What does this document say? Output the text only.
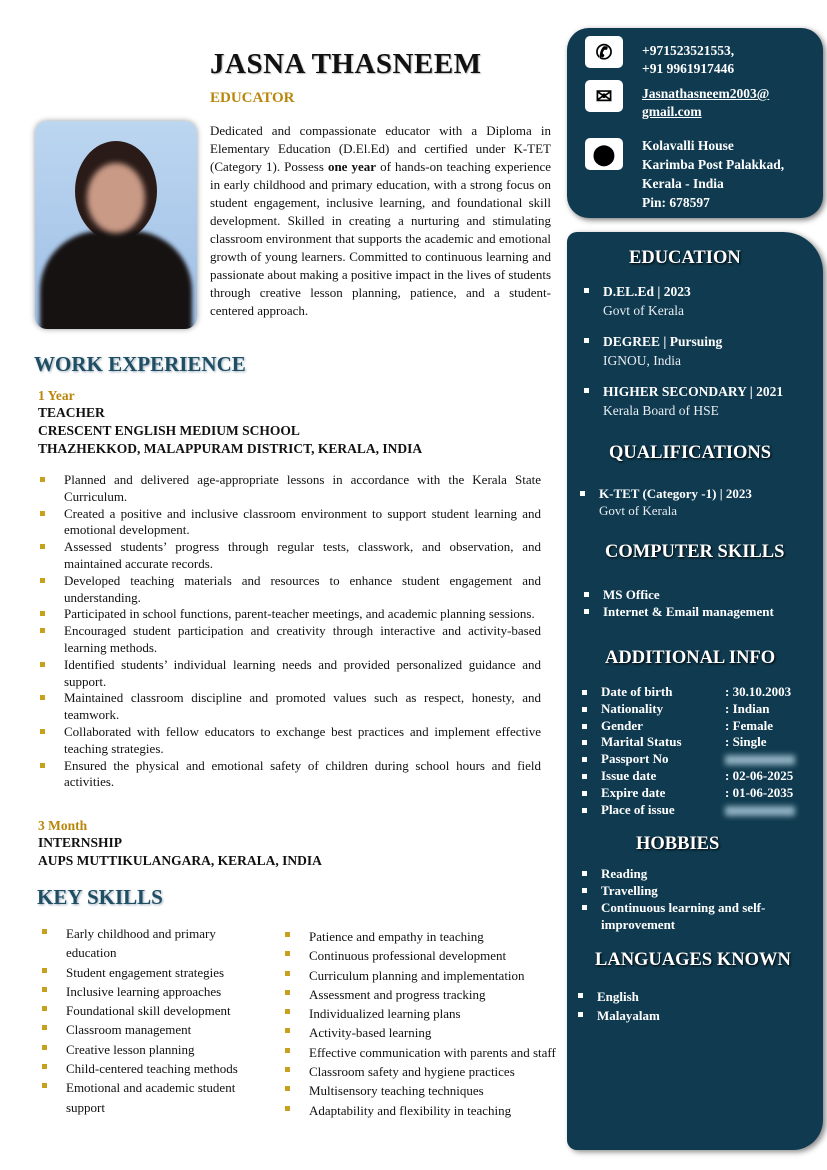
JASNA THASNEEM
EDUCATOR
Dedicated and compassionate educator with a Diploma in Elementary Education (D.El.Ed) and certified under K-TET (Category 1). Possess one year of hands-on teaching experience in early childhood and primary education, with a strong focus on student engagement, inclusive learning, and foundational skill development. Skilled in creating a nurturing and stimulating classroom environment that supports the academic and emotional growth of young learners. Committed to continuous learning and passionate about making a positive impact in the lives of students through creative lesson planning, patience, and a student-centered approach.
WORK EXPERIENCE
1 Year
TEACHER
CRESCENT ENGLISH MEDIUM SCHOOL
THAZHEKKOD, MALAPPURAM DISTRICT, KERALA, INDIA
Planned and delivered age-appropriate lessons in accordance with the Kerala State Curriculum.
Created a positive and inclusive classroom environment to support student learning and emotional development.
Assessed students’ progress through regular tests, classwork, and observation, and maintained accurate records.
Developed teaching materials and resources to enhance student engagement and understanding.
Participated in school functions, parent-teacher meetings, and academic planning sessions.
Encouraged student participation and creativity through interactive and activity-based learning methods.
Identified students’ individual learning needs and provided personalized guidance and support.
Maintained classroom discipline and promoted values such as respect, honesty, and teamwork.
Collaborated with fellow educators to exchange best practices and implement effective teaching strategies.
Ensured the physical and emotional safety of children during school hours and field activities.
3 Month
INTERNSHIP
AUPS MUTTIKULANGARA, KERALA, INDIA
KEY SKILLS
Early childhood and primary education
Student engagement strategies
Inclusive learning approaches
Foundational skill development
Classroom management
Creative lesson planning
Child-centered teaching methods
Emotional and academic student support
Patience and empathy in teaching
Continuous professional development
Curriculum planning and implementation
Assessment and progress tracking
Individualized learning plans
Activity-based learning
Effective communication with parents and staff
Classroom safety and hygiene practices
Multisensory teaching techniques
Adaptability and flexibility in teaching
✆	+971523521553,
+91 9961917446
✉	Jasnathasneem2003@
gmail.com
⬤	Kolavalli House
Karimba Post Palakkad,
Kerala - India
Pin: 678597
EDUCATION
D.EL.Ed | 2023
Govt of Kerala
DEGREE | Pursuing
IGNOU, India
HIGHER SECONDARY | 2021
Kerala Board of HSE
QUALIFICATIONS
K-TET (Category -1) | 2023
Govt of Kerala
COMPUTER SKILLS
MS Office
Internet & Email management
ADDITIONAL INFO
Date of birth	: 30.10.2003
Nationality	: Indian
Gender	: Female
Marital Status	: Single
Passport No
Issue date	: 02-06-2025
Expire date	: 01-06-2035
Place of issue
HOBBIES
Reading
Travelling
Continuous learning and self-improvement
LANGUAGES KNOWN
English
Malayalam
